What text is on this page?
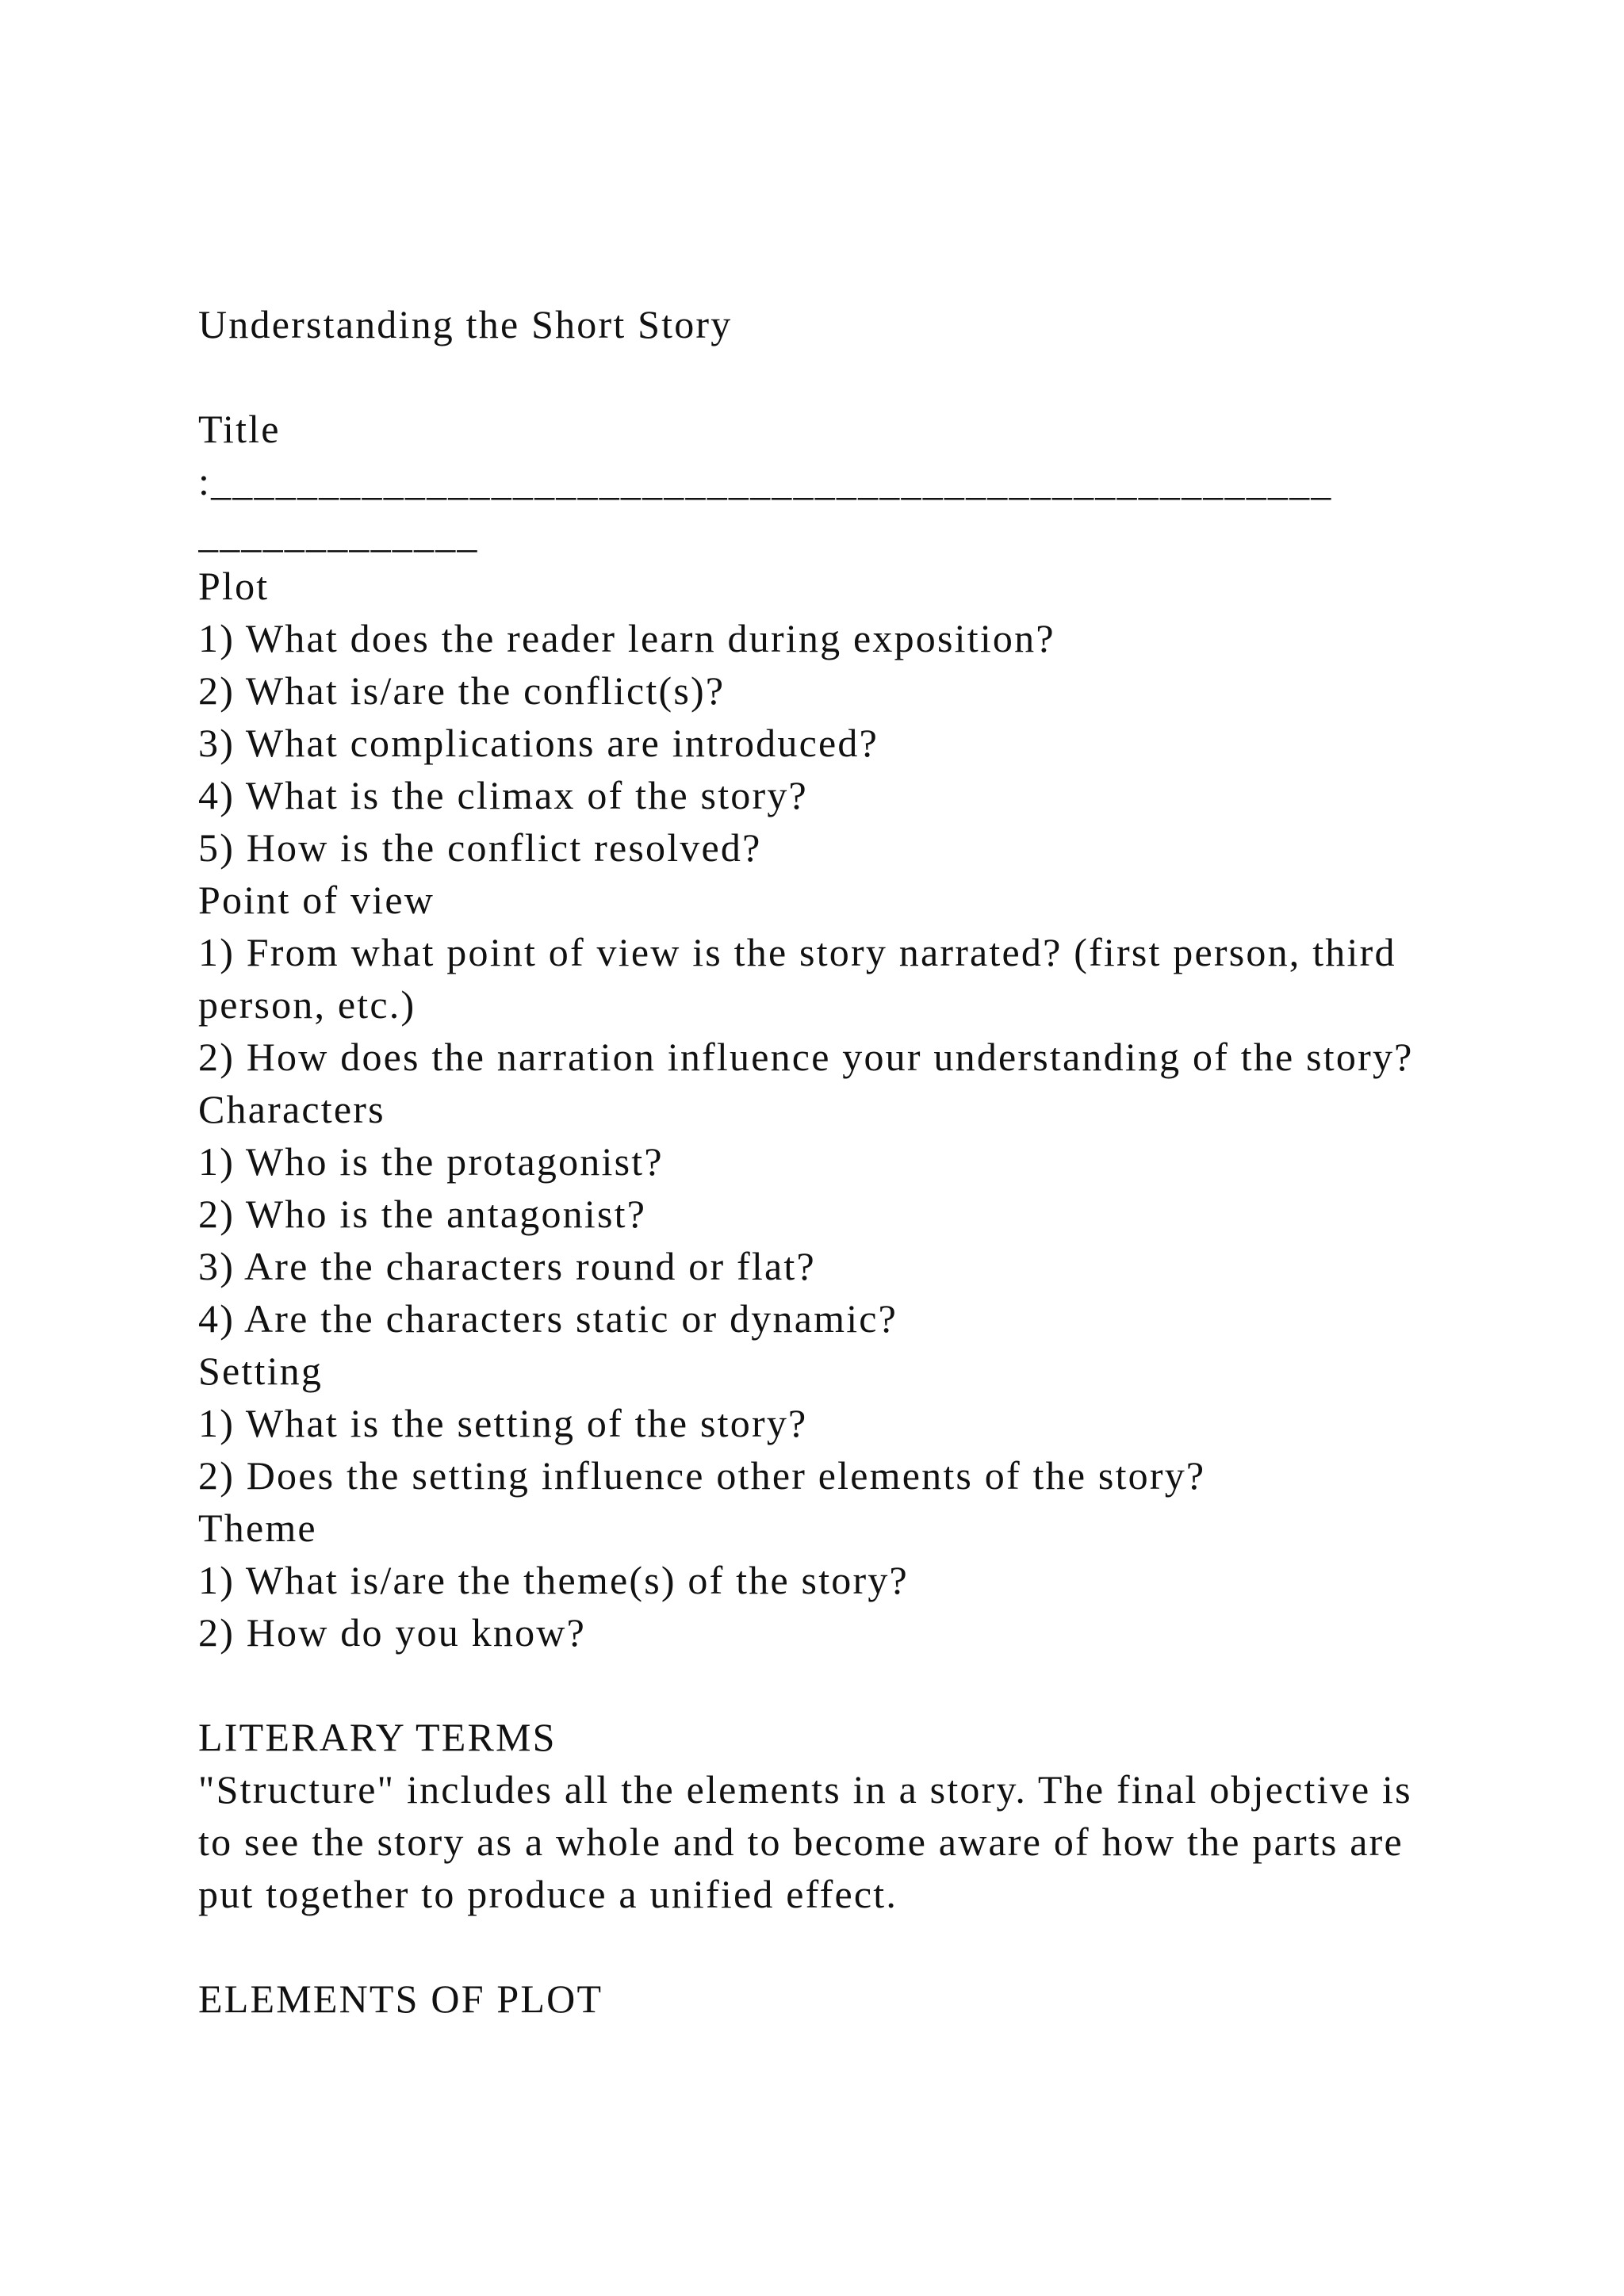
Understanding the Short Story
Title
:____________________________________________________
_____________
Plot
1) What does the reader learn during exposition?
2) What is/are the conflict(s)?
3) What complications are introduced?
4) What is the climax of the story?
5) How is the conflict resolved?
Point of view
1) From what point of view is the story narrated? (first person, third person, etc.)
2) How does the narration influence your understanding of the story?
Characters
1) Who is the protagonist?
2) Who is the antagonist?
3) Are the characters round or flat?
4) Are the characters static or dynamic?
Setting
1) What is the setting of the story?
2) Does the setting influence other elements of the story?
Theme
1) What is/are the theme(s) of the story?
2) How do you know?
LITERARY TERMS
"Structure" includes all the elements in a story. The final objective is to see the story as a whole and to become aware of how the parts are put together to produce a unified effect.
ELEMENTS OF PLOT
